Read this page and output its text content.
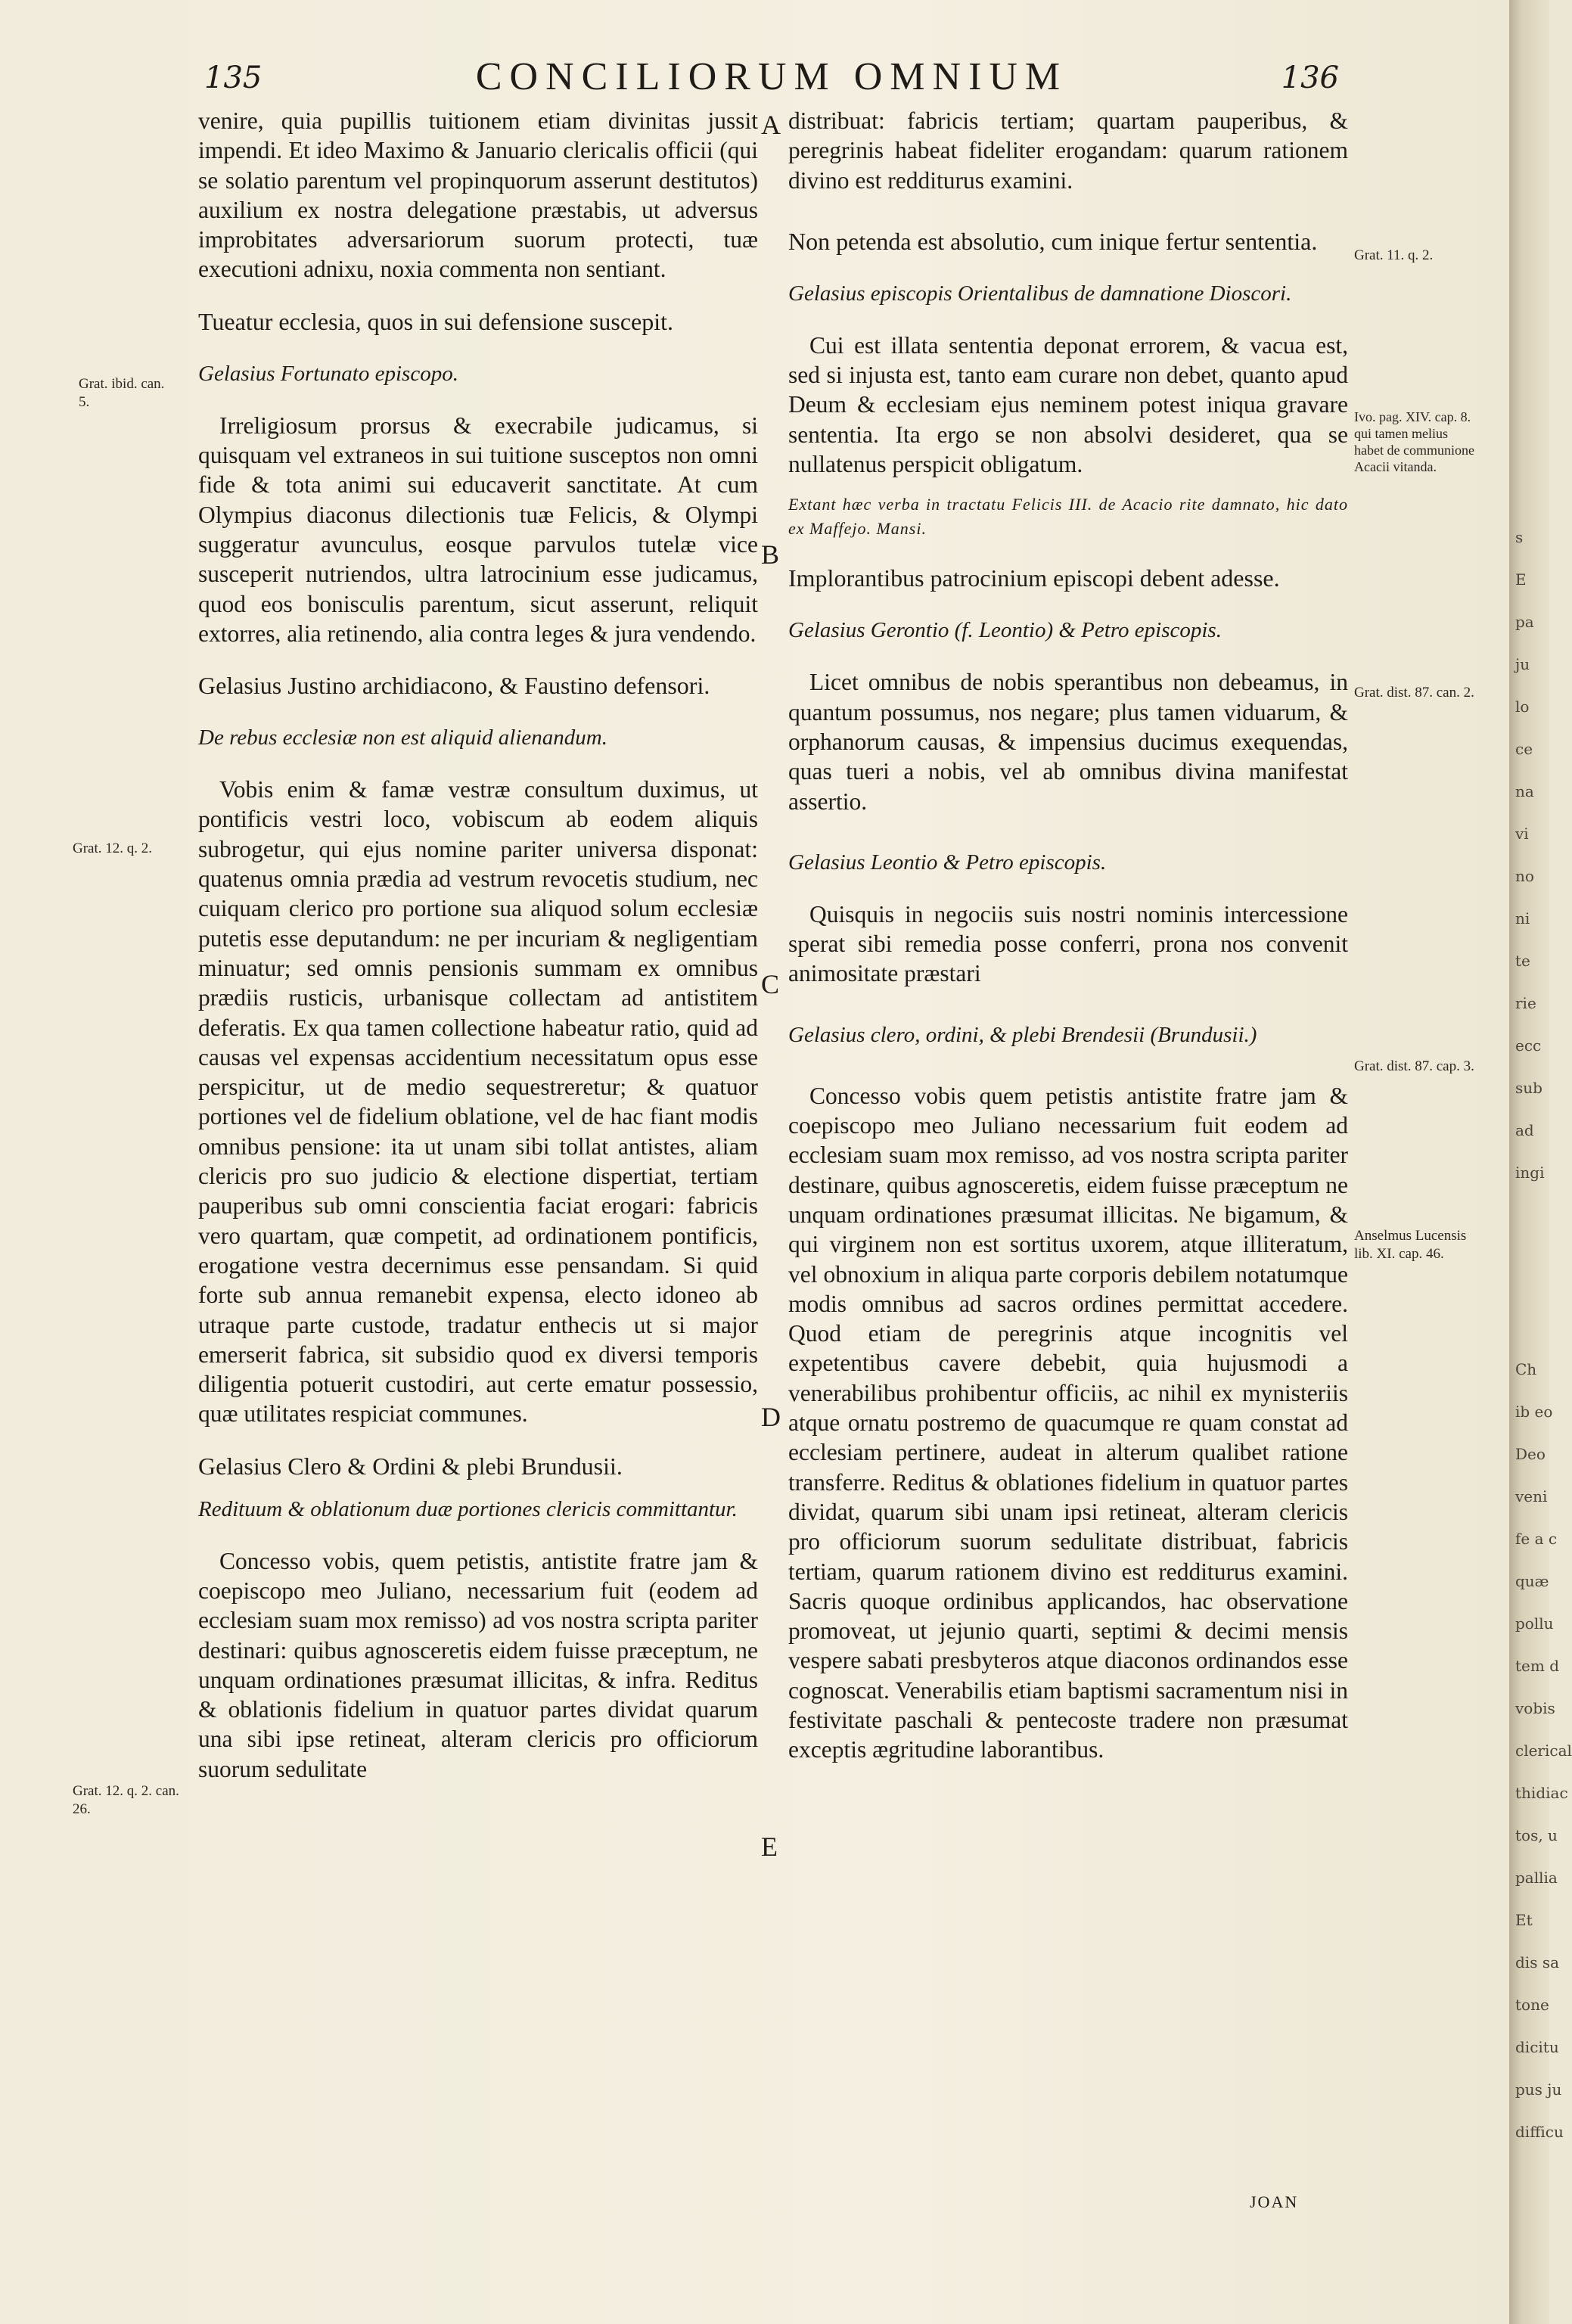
s
E
pa
ju
lo
ce
na
vi
no
ni
te
rie
ecc
sub
ad
ingi
Ch
ib eo
Deo
veni
fe a c
quæ
pollu
tem d
vobis
clerical
thidiac
tos, u
pallia
Et
dis sa
tone
dicitu
pus ju
difficu
135	CONCILIORUM OMNIUM	136

venire, quia pupillis tuitionem etiam divinitas jussit impendi. Et ideo Maximo & Januario clericalis officii (qui se solatio parentum vel propinquorum asserunt destitutos) auxilium ex nostra delegatione præstabis, ut adversus improbitates adversariorum suorum protecti, tuæ executioni adnixu, noxia commenta non sentiant.

Tueatur ecclesia, quos in sui defensione suscepit.

Gelasius Fortunato episcopo.

Irreligiosum prorsus & execrabile judicamus, si quisquam vel extraneos in sui tuitione susceptos non omni fide & tota animi sui educaverit sanctitate. At cum Olympius diaconus dilectionis tuæ Felicis, & Olympi suggeratur avunculus, eosque parvulos tutelæ vice susceperit nutriendos, ultra latrocinium esse judicamus, quod eos bonisculis parentum, sicut asserunt, reliquit extorres, alia retinendo, alia contra leges & jura vendendo.

Gelasius Justino archidiacono, & Faustino defensori.

De rebus ecclesiæ non est aliquid alienandum.

Vobis enim & famæ vestræ consultum duximus, ut pontificis vestri loco, vobiscum ab eodem aliquis subrogetur, qui ejus nomine pariter universa disponat: quatenus omnia prædia ad vestrum revocetis studium, nec cuiquam clerico pro portione sua aliquod solum ecclesiæ putetis esse deputandum: ne per incuriam & negligentiam minuatur; sed omnis pensionis summam ex omnibus prædiis rusticis, urbanisque collectam ad antistitem deferatis. Ex qua tamen collectione habeatur ratio, quid ad causas vel expensas accidentium necessitatum opus esse perspicitur, ut de medio sequestreretur; & quatuor portiones vel de fidelium oblatione, vel de hac fiant modis omnibus pensione: ita ut unam sibi tollat antistes, aliam clericis pro suo judicio & electione dispertiat, tertiam pauperibus sub omni conscientia faciat erogari: fabricis vero quartam, quæ competit, ad ordinationem pontificis, erogatione vestra decernimus esse pensandam. Si quid forte sub annua remanebit expensa, electo idoneo ab utraque parte custode, tradatur enthecis ut si major emerserit fabrica, sit subsidio quod ex diversi temporis diligentia potuerit custodiri, aut certe ematur possessio, quæ utilitates respiciat communes.

Gelasius Clero & Ordini & plebi Brundusii.

Redituum & oblationum duæ portiones clericis committantur.

Concesso vobis, quem petistis, antistite fratre jam & coepiscopo meo Juliano, necessarium fuit (eodem ad ecclesiam suam mox remisso) ad vos nostra scripta pariter destinari: quibus agnosceretis eidem fuisse præceptum, ne unquam ordinationes præsumat illicitas, & infra. Reditus & oblationis fidelium in quatuor partes dividat quarum una sibi ipse retineat, alteram clericis pro officiorum suorum sedulitate

distribuat: fabricis tertiam; quartam pauperibus, & peregrinis habeat fideliter erogandam: quarum rationem divino est redditurus examini.

Non petenda est absolutio, cum inique fertur sententia.

Gelasius episcopis Orientalibus de damnatione Dioscori.

Cui est illata sententia deponat errorem, & vacua est, sed si injusta est, tanto eam curare non debet, quanto apud Deum & ecclesiam ejus neminem potest iniqua gravare sententia. Ita ergo se non absolvi desideret, qua se nullatenus perspicit obligatum.

Extant hæc verba in tractatu Felicis III. de Acacio rite damnato, hic dato ex Maffejo. Mansi.

Implorantibus patrocinium episcopi debent adesse.

Gelasius Gerontio (f. Leontio) & Petro episcopis.

Licet omnibus de nobis sperantibus non debeamus, in quantum possumus, nos negare; plus tamen viduarum, & orphanorum causas, & impensius ducimus exequendas, quas tueri a nobis, vel ab omnibus divina manifestat assertio.

Gelasius Leontio & Petro episcopis.

Quisquis in negociis suis nostri nominis intercessione sperat sibi remedia posse conferri, prona nos convenit animositate præstari

Gelasius clero, ordini, & plebi Brendesii (Brundusii.)

Concesso vobis quem petistis antistite fratre jam & coepiscopo meo Juliano necessarium fuit eodem ad ecclesiam suam mox remisso, ad vos nostra scripta pariter destinare, quibus agnosceretis, eidem fuisse præceptum ne unquam ordinationes præsumat illicitas. Ne bigamum, & qui virginem non est sortitus uxorem, atque illiteratum, vel obnoxium in aliqua parte corporis debilem notatumque modis omnibus ad sacros ordines permittat accedere. Quod etiam de peregrinis atque incognitis vel expetentibus cavere debebit, quia hujusmodi a venerabilibus prohibentur officiis, ac nihil ex mynisteriis atque ornatu postremo de quacumque re quam constat ad ecclesiam pertinere, audeat in alterum qualibet ratione transferre. Reditus & oblationes fidelium in quatuor partes dividat, quarum sibi unam ipsi retineat, alteram clericis pro officiorum suorum sedulitate distribuat, fabricis tertiam, quarum rationem divino est redditurus examini. Sacris quoque ordinibus applicandos, hac observatione promoveat, ut jejunio quarti, septimi & decimi mensis vespere sabati presbyteros atque diaconos ordinandos esse cognoscat. Venerabilis etiam baptismi sacramentum nisi in festivitate paschali & pentecoste tradere non præsumat exceptis ægritudine laborantibus.

A
B
C
D
E
Grat. ibid. can. 5.
Grat. 12. q. 2.
Grat. 12. q. 2. can. 26.
Grat. 11. q. 2.
Ivo. pag. XIV. cap. 8. qui tamen melius habet de communione Acacii vitanda.
Grat. dist. 87. can. 2.
Grat. dist. 87. cap. 3.
Anselmus Lucensis lib. XI. cap. 46.
JOAN
